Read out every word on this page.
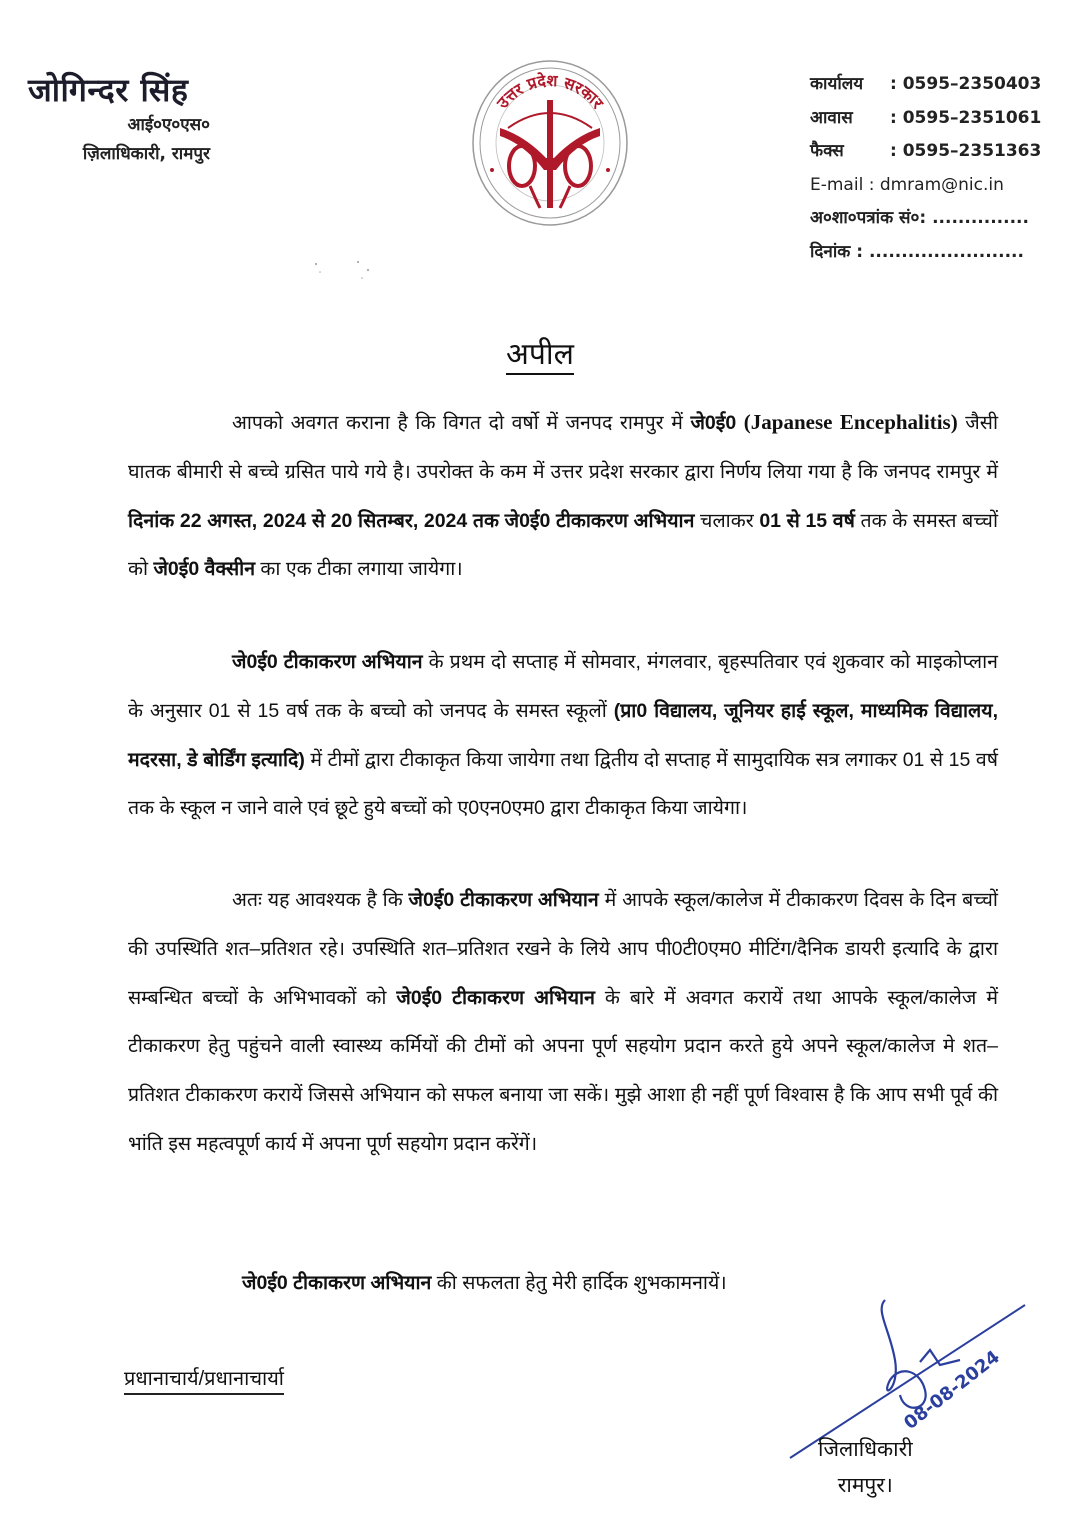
जोगिन्दर सिंह
आई०ए०एस०
ज़िलाधिकारी, रामपुर
उत्तर प्रदेश सरकार
कार्यालय	: 0595–2350403
आवास	: 0595–2351061
फैक्स	: 0595–2351363
E-mail : dmram@nic.in
अ०शा०पत्रांक सं०: ...............
दिनांक : ........................
अपील
आपको अवगत कराना है कि विगत दो वर्षो में जनपद रामपुर में जे0ई0 (Japanese Encephalitis) जैसी घातक बीमारी से बच्चे ग्रसित पाये गये है। उपरोक्त के कम में उत्तर प्रदेश सरकार द्वारा निर्णय लिया गया है कि जनपद रामपुर में दिनांक 22 अगस्त, 2024 से 20 सितम्बर, 2024 तक जे0ई0 टीकाकरण अभियान चलाकर 01 से 15 वर्ष तक के समस्त बच्चों को जे0ई0 वैक्सीन का एक टीका लगाया जायेगा।
जे0ई0 टीकाकरण अभियान के प्रथम दो सप्ताह में सोमवार, मंगलवार, बृहस्पतिवार एवं शुकवार को माइकोप्लान के अनुसार 01 से 15 वर्ष तक के बच्चो को जनपद के समस्त स्कूलों (प्रा0 विद्यालय, जूनियर हाई स्कूल, माध्यमिक विद्यालय, मदरसा, डे बोर्डिंग इत्यादि) में टीमों द्वारा टीकाकृत किया जायेगा तथा द्वितीय दो सप्ताह में सामुदायिक सत्र लगाकर 01 से 15 वर्ष तक के स्कूल न जाने वाले एवं छूटे हुये बच्चों को ए0एन0एम0 द्वारा टीकाकृत किया जायेगा।
अतः यह आवश्यक है कि जे0ई0 टीकाकरण अभियान में आपके स्कूल/कालेज में टीकाकरण दिवस के दिन बच्चों की उपस्थिति शत–प्रतिशत रहे। उपस्थिति शत–प्रतिशत रखने के लिये आप पी0टी0एम0 मीटिंग/दैनिक डायरी इत्यादि के द्वारा सम्बन्धित बच्चों के अभिभावकों को जे0ई0 टीकाकरण अभियान के बारे में अवगत करायें तथा आपके स्कूल/कालेज में टीकाकरण हेतु पहुंचने वाली स्वास्थ्य कर्मियों की टीमों को अपना पूर्ण सहयोग प्रदान करते हुये अपने स्कूल/कालेज मे शत–प्रतिशत टीकाकरण करायें जिससे अभियान को सफल बनाया जा सकें। मुझे आशा ही नहीं पूर्ण विश्वास है कि आप सभी पूर्व की भांति इस महत्वपूर्ण कार्य में अपना पूर्ण सहयोग प्रदान करेंगें।
जे0ई0 टीकाकरण अभियान की सफलता हेतु मेरी हार्दिक शुभकामनायें।
प्रधानाचार्य/प्रधानाचार्या	08-08-2024
जिलाधिकारी
रामपुर।
